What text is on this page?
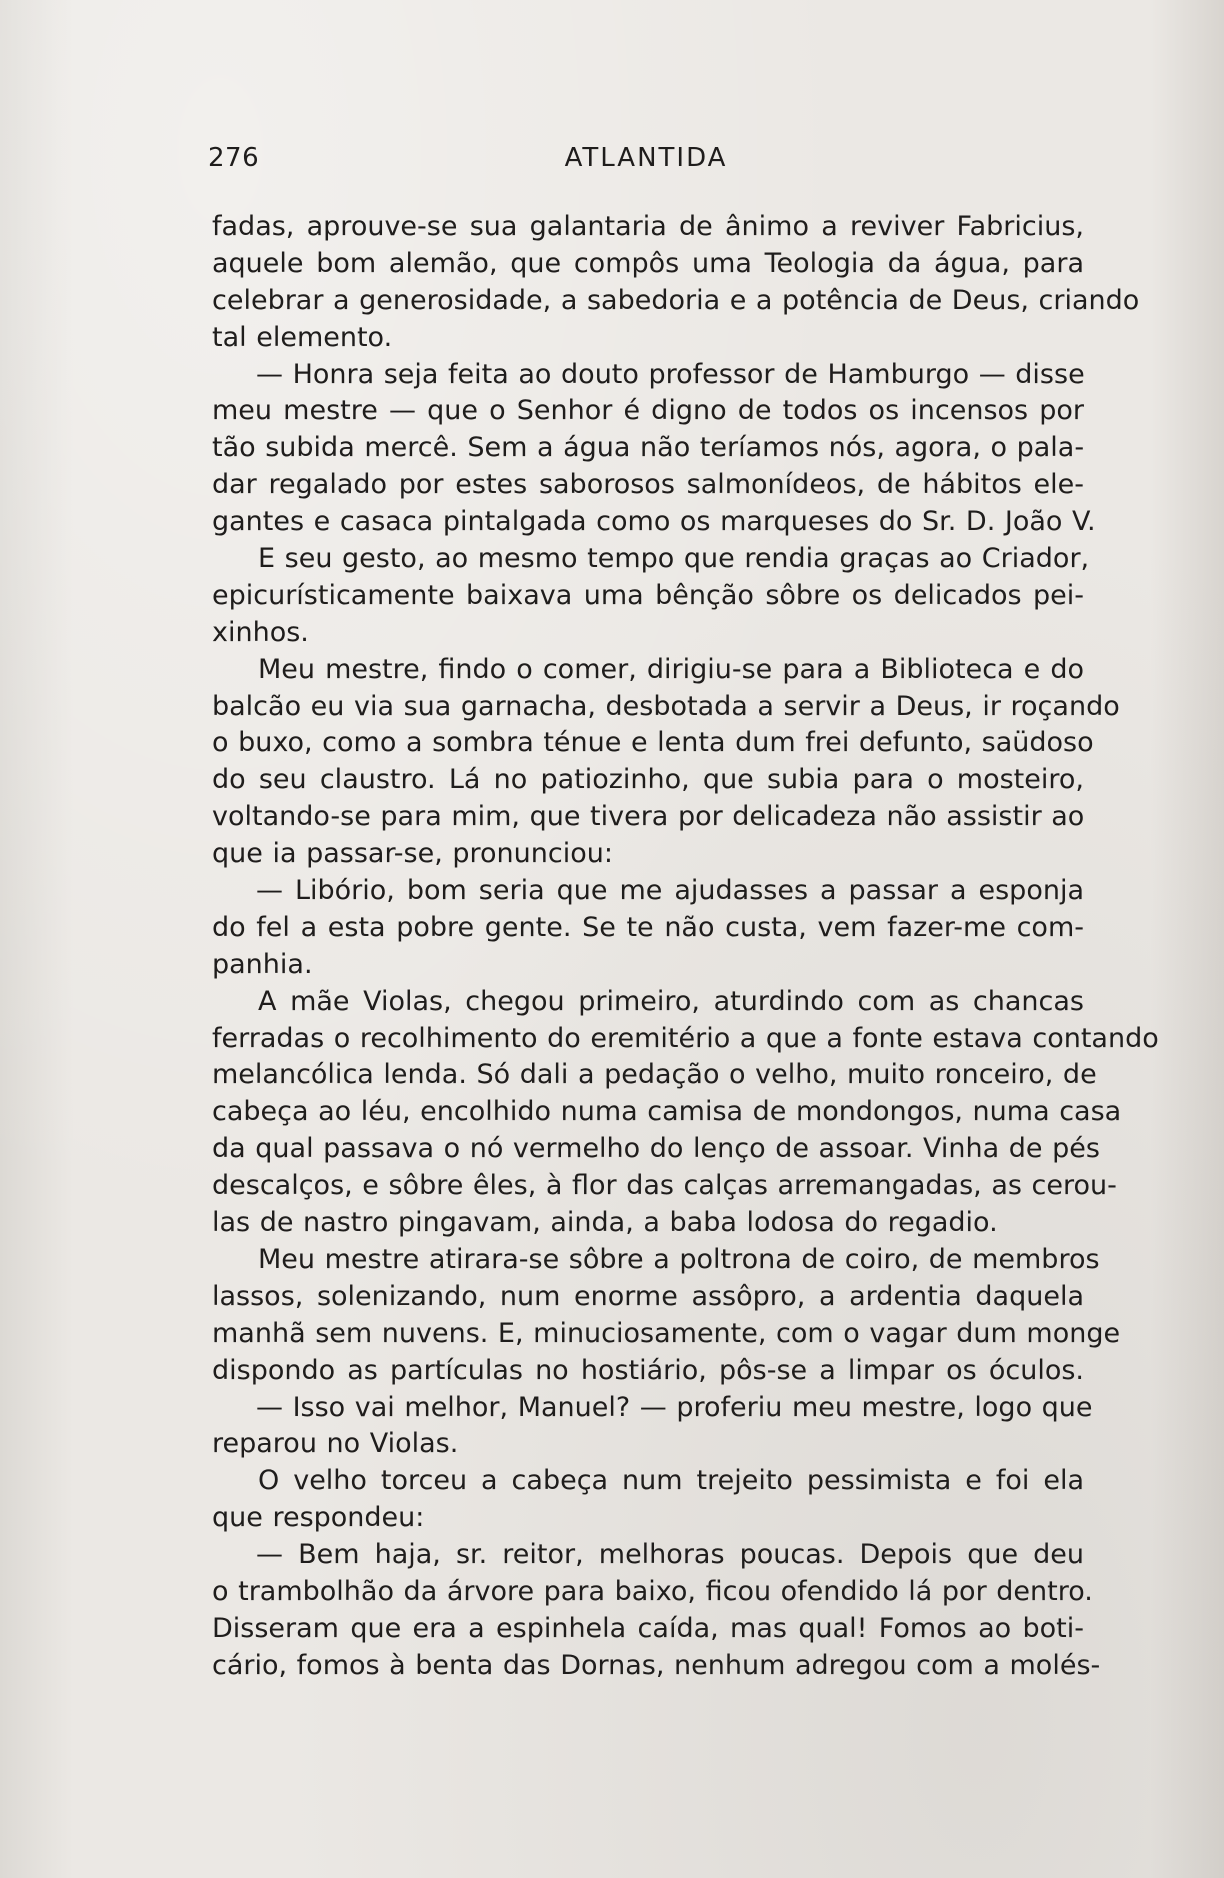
276	ATLANTIDA
fadas, aprouve-se sua galantaria de ânimo a reviver Fabricius,
aquele bom alemão, que compôs uma Teologia da água, para
celebrar a generosidade, a sabedoria e a potência de Deus, criando
tal elemento.
— Honra seja feita ao douto professor de Hamburgo — disse
meu mestre — que o Senhor é digno de todos os incensos por
tão subida mercê. Sem a água não teríamos nós, agora, o pala-
dar regalado por estes saborosos salmonídeos, de hábitos ele-
gantes e casaca pintalgada como os marqueses do Sr. D. João V.
E seu gesto, ao mesmo tempo que rendia graças ao Criador,
epicurísticamente baixava uma bênção sôbre os delicados pei-
xinhos.
Meu mestre, findo o comer, dirigiu-se para a Biblioteca e do
balcão eu via sua garnacha, desbotada a servir a Deus, ir roçando
o buxo, como a sombra ténue e lenta dum frei defunto, saüdoso
do seu claustro. Lá no patiozinho, que subia para o mosteiro,
voltando-se para mim, que tivera por delicadeza não assistir ao
que ia passar-se, pronunciou:
— Libório, bom seria que me ajudasses a passar a esponja
do fel a esta pobre gente. Se te não custa, vem fazer-me com-
panhia.
A mãe Violas, chegou primeiro, aturdindo com as chancas
ferradas o recolhimento do eremitério a que a fonte estava contando
melancólica lenda. Só dali a pedação o velho, muito ronceiro, de
cabeça ao léu, encolhido numa camisa de mondongos, numa casa
da qual passava o nó vermelho do lenço de assoar. Vinha de pés
descalços, e sôbre êles, à flor das calças arremangadas, as cerou-
las de nastro pingavam, ainda, a baba lodosa do regadio.
Meu mestre atirara-se sôbre a poltrona de coiro, de membros
lassos, solenizando, num enorme assôpro, a ardentia daquela
manhã sem nuvens. E, minuciosamente, com o vagar dum monge
dispondo as partículas no hostiário, pôs-se a limpar os óculos.
— Isso vai melhor, Manuel? — proferiu meu mestre, logo que
reparou no Violas.
O velho torceu a cabeça num trejeito pessimista e foi ela
que respondeu:
— Bem haja, sr. reitor, melhoras poucas. Depois que deu
o trambolhão da árvore para baixo, ficou ofendido lá por dentro.
Disseram que era a espinhela caída, mas qual! Fomos ao boti-
cário, fomos à benta das Dornas, nenhum adregou com a molés-
